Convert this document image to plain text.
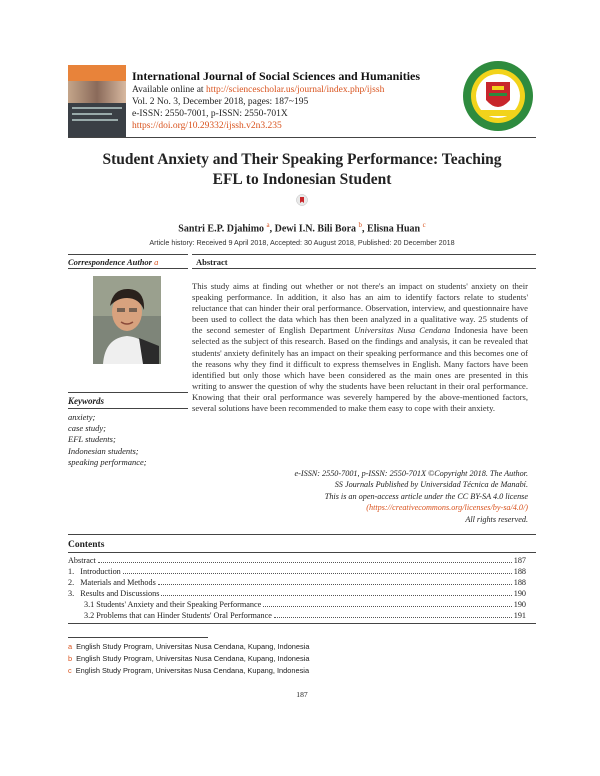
International Journal of Social Sciences and Humanities
Available online at http://sciencescholar.us/journal/index.php/ijssh
Vol. 2 No. 3, December 2018, pages: 187~195
e-ISSN: 2550-7001, p-ISSN: 2550-701X
https://doi.org/10.29332/ijssh.v2n3.235
Student Anxiety and Their Speaking Performance: Teaching
EFL to Indonesian Student
Santri E.P. Djahimo $^a$, Dewi I.N. Bili Bora $^b$, Elisna Huan $^c$
Article history: Received 9 April 2018, Accepted: 30 August 2018, Published: 20 December 2018
Correspondence Author a	Abstract
Keywords
anxiety;
case study;
EFL students;
Indonesian students;
speaking performance;
This study aims at finding out whether or not there's an impact on students' anxiety on their speaking performance. In addition, it also has an aim to identify factors relate to students' reluctance that can hinder their oral performance. Observation, interview, and questionnaire have been used to collect the data which has then been analyzed in a qualitative way. 25 students of the second semester of English Department Universitas Nusa Cendana Indonesia have been selected as the subject of this research. Based on the findings and analysis, it can be revealed that students' anxiety definitely has an impact on their speaking performance and this becomes one of the reasons why they find it difficult to express themselves in English. Many factors have been identified but only those which have been considered as the main ones are presented in this writing to answer the question of why the students have been reluctant in their oral performance. Knowing that their oral performance was severely hampered by the above-mentioned factors, several solutions have been recommended to make them easy to cope with their anxiety.
e-ISSN: 2550-7001, p-ISSN: 2550-701X ©Copyright 2018. The Author.
SS Journals Published by Universidad Técnica de Manabí.
This is an open-access article under the CC BY-SA 4.0 license
(https://creativecommons.org/licenses/by-sa/4.0/)
All rights reserved.
Contents
Abstract	187
1.   Introduction	188
2.   Materials and Methods	188
3.   Results and Discussions	190
3.1 Students' Anxiety and their Speaking Performance	190
3.2 Problems that can Hinder Students' Oral Performance	191
a English Study Program, Universitas Nusa Cendana, Kupang, Indonesia
b English Study Program, Universitas Nusa Cendana, Kupang, Indonesia
c English Study Program, Universitas Nusa Cendana, Kupang, Indonesia
187
